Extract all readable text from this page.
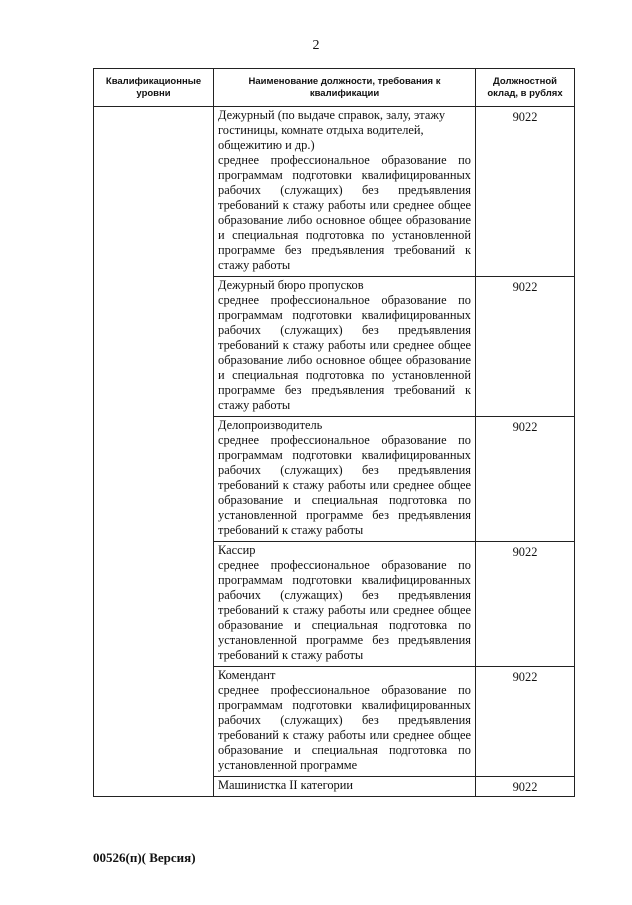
2
Квалификационные уровни	Наименование должности, требования к квалификации	Должностной оклад, в рублях

	Дежурный (по выдаче справок, залу, этажу гостиницы, комнате отдыха водителей, общежитию и др.)
среднее профессиональное образование по программам подготовки квалифицированных рабочих (служащих) без предъявления требований к стажу работы или среднее общее образование либо основное общее образование и специальная подготовка по установленной программе без предъявления требований к стажу работы	9022

	Дежурный бюро пропусков
среднее профессиональное образование по программам подготовки квалифицированных рабочих (служащих) без предъявления требований к стажу работы или среднее общее образование либо основное общее образование и специальная подготовка по установленной программе без предъявления требований к стажу работы	9022

	Делопроизводитель
среднее профессиональное образование по программам подготовки квалифицированных рабочих (служащих) без предъявления требований к стажу работы или среднее общее образование и специальная подготовка по установленной программе без предъявления требований к стажу работы	9022

	Кассир
среднее профессиональное образование по программам подготовки квалифицированных рабочих (служащих) без предъявления требований к стажу работы или среднее общее образование и специальная подготовка по установленной программе без предъявления требований к стажу работы	9022

	Комендант
среднее профессиональное образование по программам подготовки квалифицированных рабочих (служащих) без предъявления требований к стажу работы или среднее общее образование и специальная подготовка по установленной программе	9022

	Машинистка II категории	9022
00526(п)( Версия)
